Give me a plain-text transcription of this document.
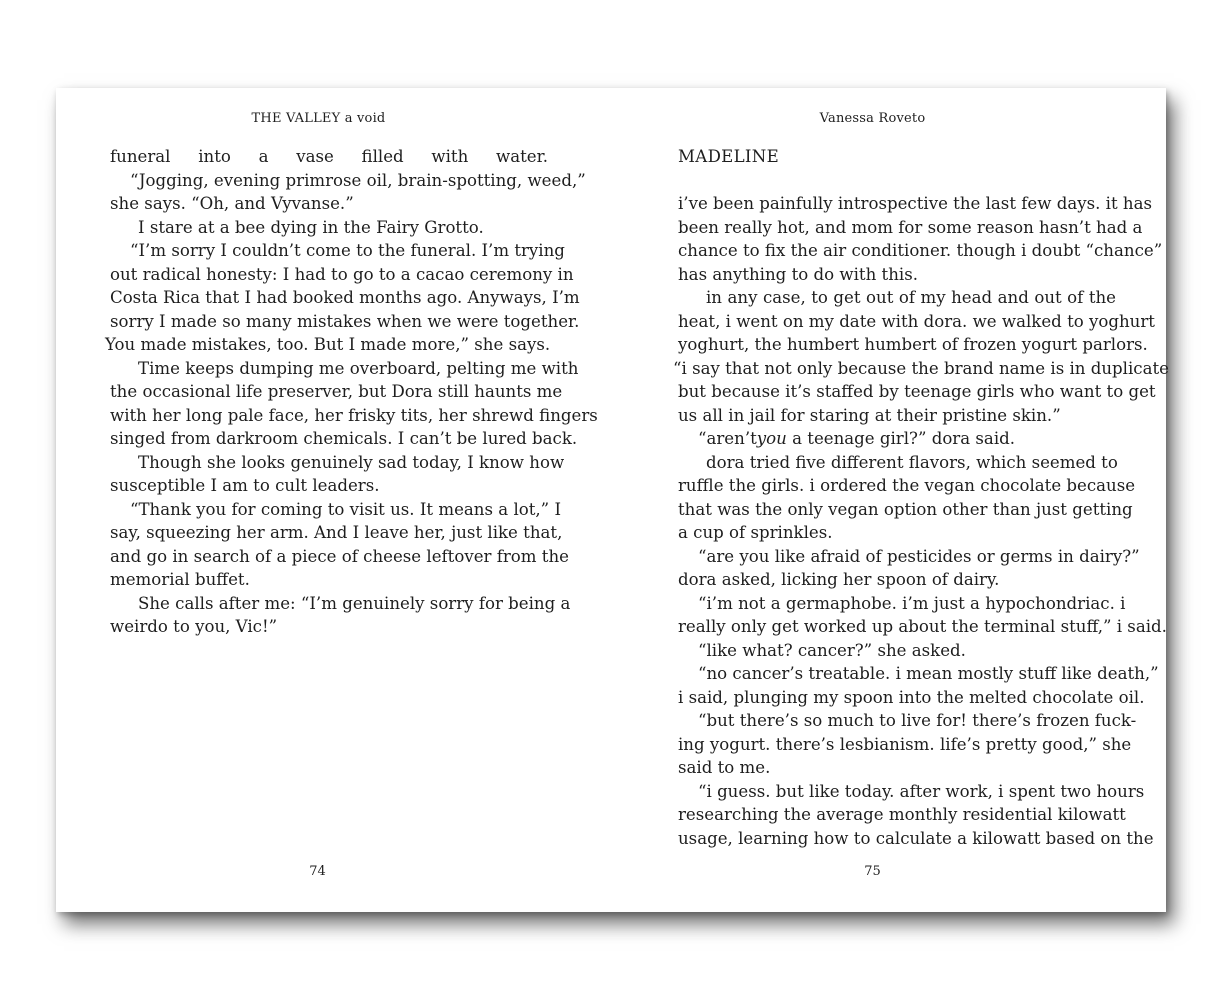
THE VALLEY a void
funeral into a vase filled with water.
“Jogging, evening primrose oil, brain-spotting, weed,”
she says. “Oh, and Vyvanse.”
I stare at a bee dying in the Fairy Grotto.
“I’m sorry I couldn’t come to the funeral. I’m trying
out radical honesty: I had to go to a cacao ceremony in
Costa Rica that I had booked months ago. Anyways, I’m
sorry I made so many mistakes when we were together.
You made mistakes, too. But I made more,” she says.
Time keeps dumping me overboard, pelting me with
the occasional life preserver, but Dora still haunts me
with her long pale face, her frisky tits, her shrewd fingers
singed from darkroom chemicals. I can’t be lured back.
Though she looks genuinely sad today, I know how
susceptible I am to cult leaders.
“Thank you for coming to visit us. It means a lot,” I
say, squeezing her arm. And I leave her, just like that,
and go in search of a piece of cheese leftover from the
memorial buffet.
She calls after me: “I’m genuinely sorry for being a
weirdo to you, Vic!”
74
Vanessa Roveto
MADELINE
i’ve been painfully introspective the last few days. it has
been really hot, and mom for some reason hasn’t had a
chance to fix the air conditioner. though i doubt “chance”
has anything to do with this.
in any case, to get out of my head and out of the
heat, i went on my date with dora. we walked to yoghurt
yoghurt, the humbert humbert of frozen yogurt parlors.
“i say that not only because the brand name is in duplicate
but because it’s staffed by teenage girls who want to get
us all in jail for staring at their pristine skin.”
“aren’tyou a teenage girl?” dora said.
dora tried five different flavors, which seemed to
ruffle the girls. i ordered the vegan chocolate because
that was the only vegan option other than just getting
a cup of sprinkles.
“are you like afraid of pesticides or germs in dairy?”
dora asked, licking her spoon of dairy.
“i’m not a germaphobe. i’m just a hypochondriac. i
really only get worked up about the terminal stuff,” i said.
“like what? cancer?” she asked.
“no cancer’s treatable. i mean mostly stuff like death,”
i said, plunging my spoon into the melted chocolate oil.
“but there’s so much to live for! there’s frozen fuck-
ing yogurt. there’s lesbianism. life’s pretty good,” she
said to me.
“i guess. but like today. after work, i spent two hours
researching the average monthly residential kilowatt
usage, learning how to calculate a kilowatt based on the
75
